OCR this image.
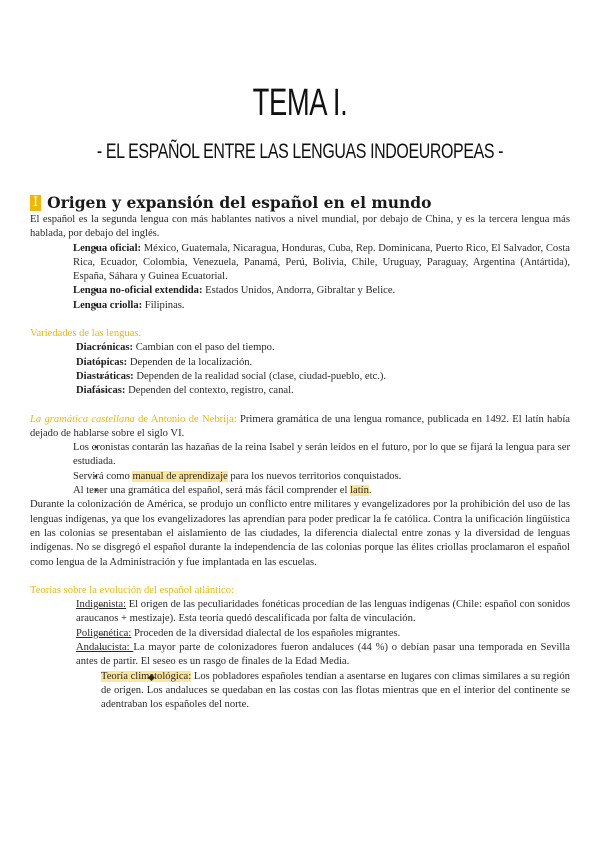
TEMA I.
- EL ESPAÑOL ENTRE LAS LENGUAS INDOEUROPEAS -
I Origen y expansión del español en el mundo

El español es la segunda lengua con más hablantes nativos a nivel mundial, por debajo de China, y es la tercera lengua más hablada, por debajo del inglés.

• Lengua oficial: México, Guatemala, Nicaragua, Honduras, Cuba, Rep. Dominicana, Puerto Rico, El Salvador, Costa Rica, Ecuador, Colombia, Venezuela, Panamá, Perú, Bolivia, Chile, Uruguay, Paraguay, Argentina (Antártida), España, Sáhara y Guinea Ecuatorial.
• Lengua no-oficial extendida: Estados Unidos, Andorra, Gibraltar y Belice.
• Lengua criolla: Filipinas.

Variedades de las lenguas.

→ Diacrónicas: Cambian con el paso del tiempo.
→ Diatópicas: Dependen de la localización.
→ Diastráticas: Dependen de la realidad social (clase, ciudad-pueblo, etc.).
→ Diafásicas: Dependen del contexto, registro, canal.

La gramática castellana de Antonio de Nebrija: Primera gramática de una lengua romance, publicada en 1492. El latín había dejado de hablarse sobre el siglo VI.

• Los cronistas contarán las hazañas de la reina Isabel y serán leídos en el futuro, por lo que se fijará la lengua para ser estudiada.
• Servirá como manual de aprendizaje para los nuevos territorios conquistados.
• Al tener una gramática del español, será más fácil comprender el latín.

Durante la colonización de América, se produjo un conflicto entre militares y evangelizadores por la prohibición del uso de las lenguas indígenas, ya que los evangelizadores las aprendían para poder predicar la fe católica. Contra la unificación lingüística en las colonias se presentaban el aislamiento de las ciudades, la diferencia dialectal entre zonas y la diversidad de lenguas indígenas. No se disgregó el español durante la independencia de las colonias porque las élites criollas proclamaron el español como lengua de la Administración y fue implantada en las escuelas.

Teorías sobre la evolución del español atlántico:

→ Indigenista: El origen de las peculiaridades fonéticas procedían de las lenguas indígenas (Chile: español con sonidos araucanos + mestizaje). Esta teoría quedó descalificada por falta de vinculación.
→ Poligenética: Proceden de la diversidad dialectal de los españoles migrantes.
→ Andalucista: La mayor parte de colonizadores fueron andaluces (44 %) o debían pasar una temporada en Sevilla antes de partir. El seseo es un rasgo de finales de la Edad Media.
◆ Teoría climatológica: Los pobladores españoles tendían a asentarse en lugares con climas similares a su región de origen. Los andaluces se quedaban en las costas con las flotas mientras que en el interior del continente se adentraban los españoles del norte.
